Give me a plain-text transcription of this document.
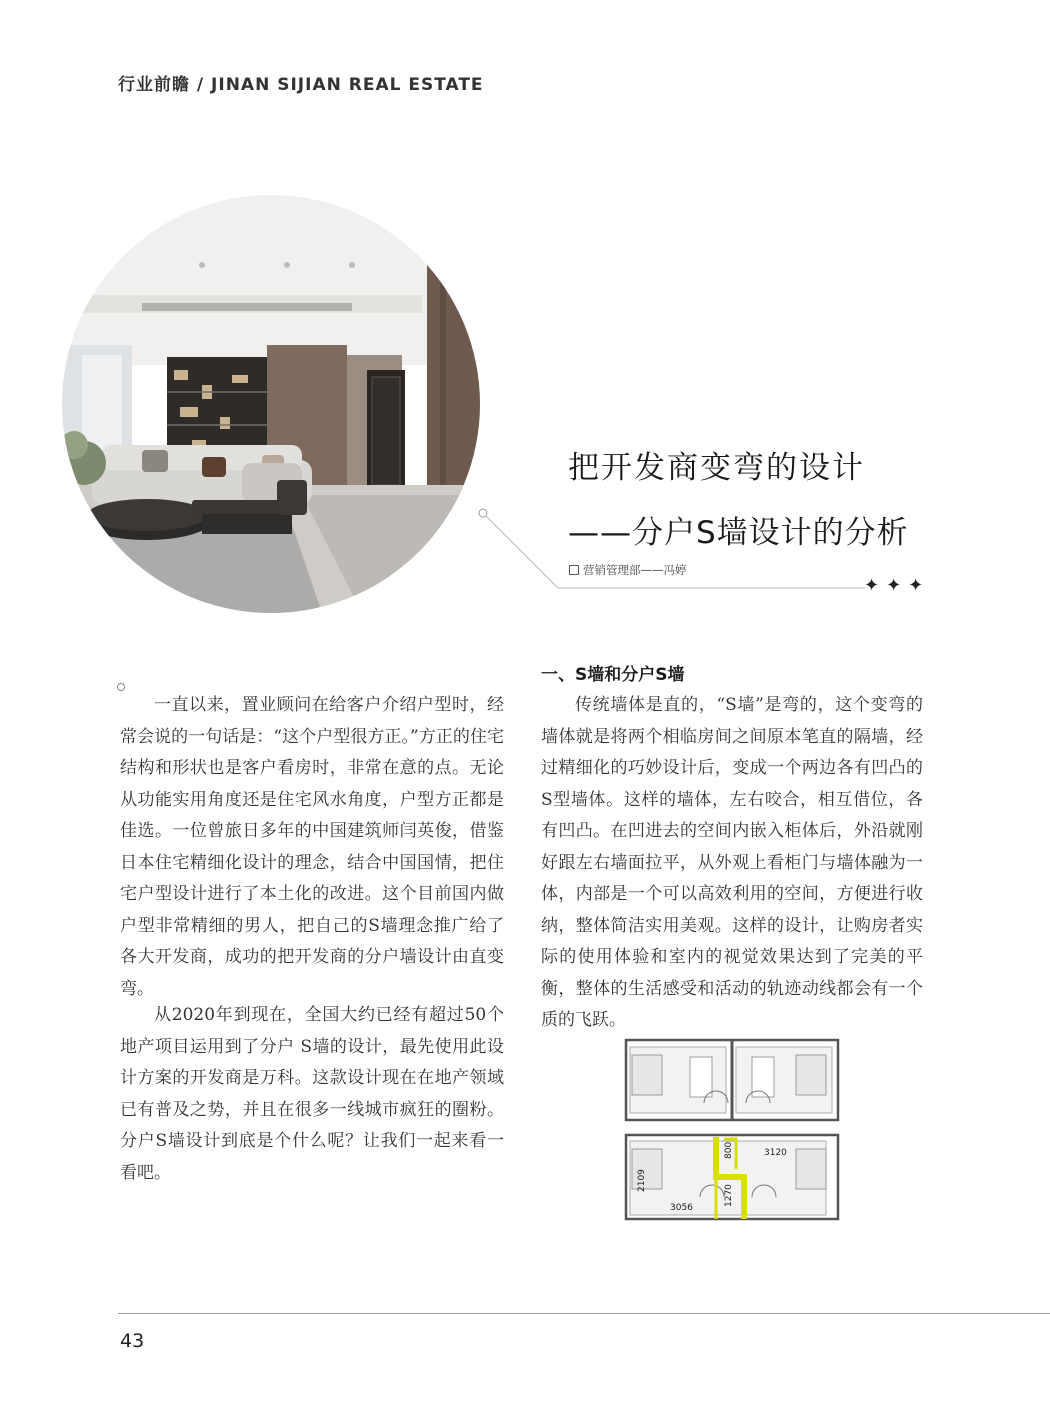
行业前瞻 / JINAN SIJIAN REAL ESTATE
把开发商变弯的设计
——分户S墙设计的分析
营销管理部——冯婷
✦✦✦

一直以来，置业顾问在给客户介绍户型时，经常会说的一句话是：“这个户型很方正。”方正的住宅结构和形状也是客户看房时，非常在意的点。无论从功能实用角度还是住宅风水角度，户型方正都是佳选。一位曾旅日多年的中国建筑师闫英俊，借鉴日本住宅精细化设计的理念，结合中国国情，把住宅户型设计进行了本土化的改进。这个目前国内做户型非常精细的男人，把自己的S墙理念推广给了各大开发商，成功的把开发商的分户墙设计由直变弯。

从2020年到现在，全国大约已经有超过50个地产项目运用到了分户 S墙的设计，最先使用此设计方案的开发商是万科。这款设计现在在地产领域已有普及之势，并且在很多一线城市疯狂的圈粉。分户S墙设计到底是个什么呢？让我们一起来看一看吧。

一、S墙和分户S墙

传统墙体是直的，“S墙”是弯的，这个变弯的墙体就是将两个相临房间之间原本笔直的隔墙，经过精细化的巧妙设计后，变成一个两边各有凹凸的S型墙体。这样的墙体，左右咬合，相互借位，各有凹凸。在凹进去的空间内嵌入柜体后，外沿就刚好跟左右墙面拉平，从外观上看柜门与墙体融为一体，内部是一个可以高效利用的空间，方便进行收纳，整体简洁实用美观。这样的设计，让购房者实际的使用体验和室内的视觉效果达到了完美的平衡，整体的生活感受和活动的轨迹动线都会有一个质的飞跃。

800	3120
2109
1270
3056
43
